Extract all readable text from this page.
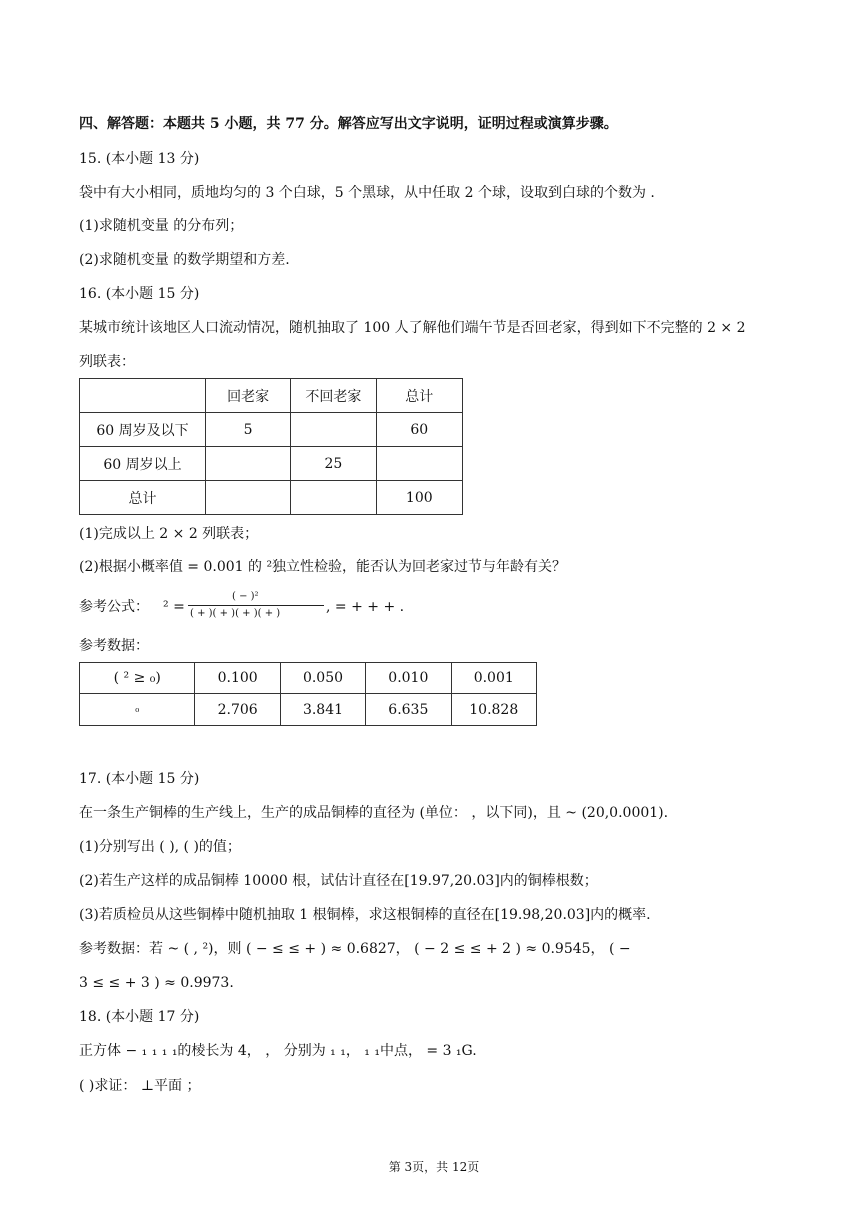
四、解答题：本题共 5 小题，共 77 分。解答应写出文字说明，证明过程或演算步骤。
15. (本小题 13 分)
袋中有大小相同，质地均匀的 3 个白球，5 个黑球，从中任取 2 个球，设取到白球的个数为 .
(1)求随机变量 的分布列；
(2)求随机变量 的数学期望和方差.
16. (本小题 15 分)
某城市统计该地区人口流动情况，随机抽取了 100 人了解他们端午节是否回老家，得到如下不完整的 2 × 2
列联表：
	回老家	不回老家	总计
60 周岁及以下	5		60
60 周岁以上		25	
总计			100
(1)完成以上 2 × 2 列联表；
(2)根据小概率值 = 0.001 的 ²独立性检验，能否认为回老家过节与年龄有关？
参考公式： ² =
( − )²
( + )( + )( + )( + )	, = + + + .
参考数据：
( ² ≥ ₀)	0.100	0.050	0.010	0.001
₀	2.706	3.841	6.635	10.828
17. (本小题 15 分)
在一条生产铜棒的生产线上，生产的成品铜棒的直径为 (单位： ，以下同)，且 ~ (20,0.0001).
(1)分别写出 ( ), ( )的值；
(2)若生产这样的成品铜棒 10000 根，试估计直径在[19.97,20.03]内的铜棒根数；
(3)若质检员从这些铜棒中随机抽取 1 根铜棒，求这根铜棒的直径在[19.98,20.03]内的概率.
参考数据：若 ~ ( , ²)，则 ( − ≤ ≤ + ) ≈ 0.6827， ( − 2 ≤ ≤ + 2 ) ≈ 0.9545， ( −
3 ≤ ≤ + 3 ) ≈ 0.9973.
18. (本小题 17 分)
正方体 − ₁ ₁ ₁ ₁的棱长为 4， ， 分别为 ₁ ₁， ₁ ₁中点， = 3 ₁G.
( )求证： ⊥平面 ；
第 3页，共 12页
